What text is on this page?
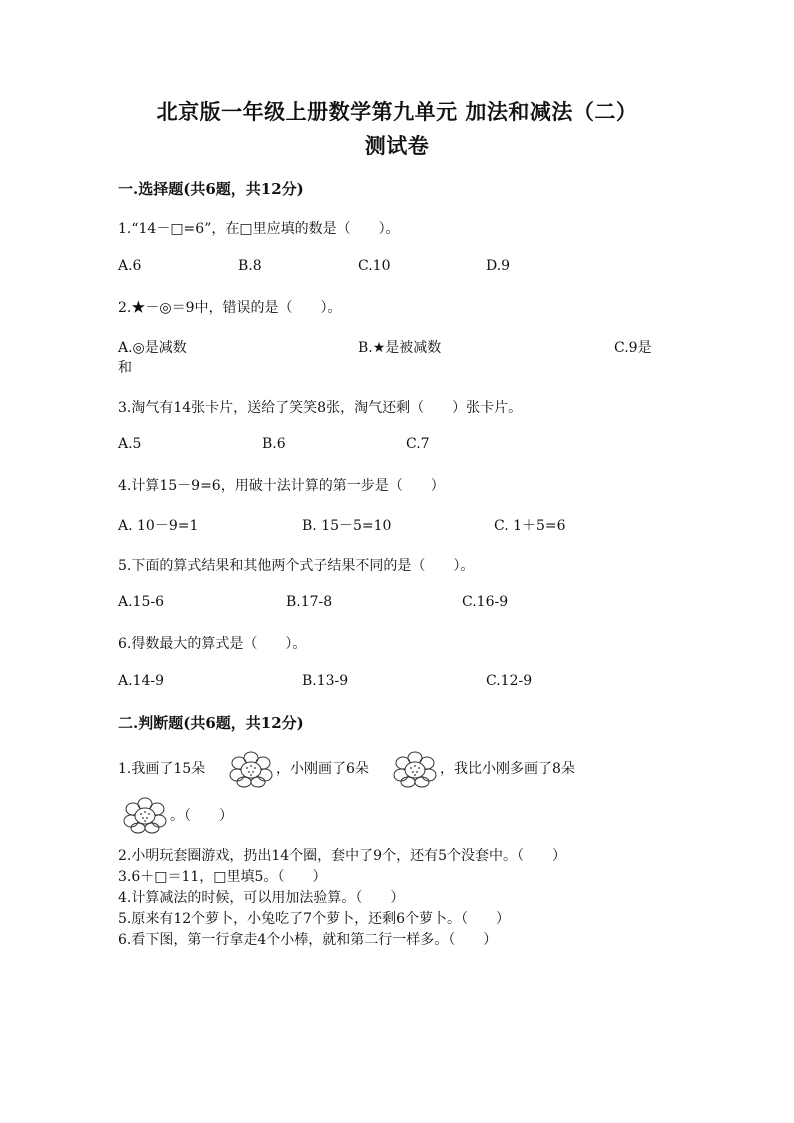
北京版一年级上册数学第九单元 加法和减法（二）
测试卷
一.选择题(共6题，共12分)
1.“14－□=6”，在□里应填的数是（　　）。
A.6	B.8	C.10	D.9
2.★－◎＝9中，错误的是（　　）。
A.◎是减数	B.★是被减数	C.9是
和
3.淘气有14张卡片，送给了笑笑8张，淘气还剩（　　）张卡片。
A.5	B.6	C.7
4.计算15－9=6，用破十法计算的第一步是（　　）
A. 10－9=1	B. 15－5=10	C. 1＋5=6
5.下面的算式结果和其他两个式子结果不同的是（　　）。
A.15-6	B.17-8	C.16-9
6.得数最大的算式是（　　）。
A.14-9	B.13-9	C.12-9
二.判断题(共6题，共12分)
1.我画了15朵	，小刚画了6朵	，我比小刚多画了8朵
。（　　）
2.小明玩套圈游戏，扔出14个圈，套中了9个，还有5个没套中。（　　）
3.6＋□＝11，□里填5。（　　）
4.计算减法的时候，可以用加法验算。（　　）
5.原来有12个萝卜，小兔吃了7个萝卜，还剩6个萝卜。（　　）
6.看下图，第一行拿走4个小棒，就和第二行一样多。（　　）
